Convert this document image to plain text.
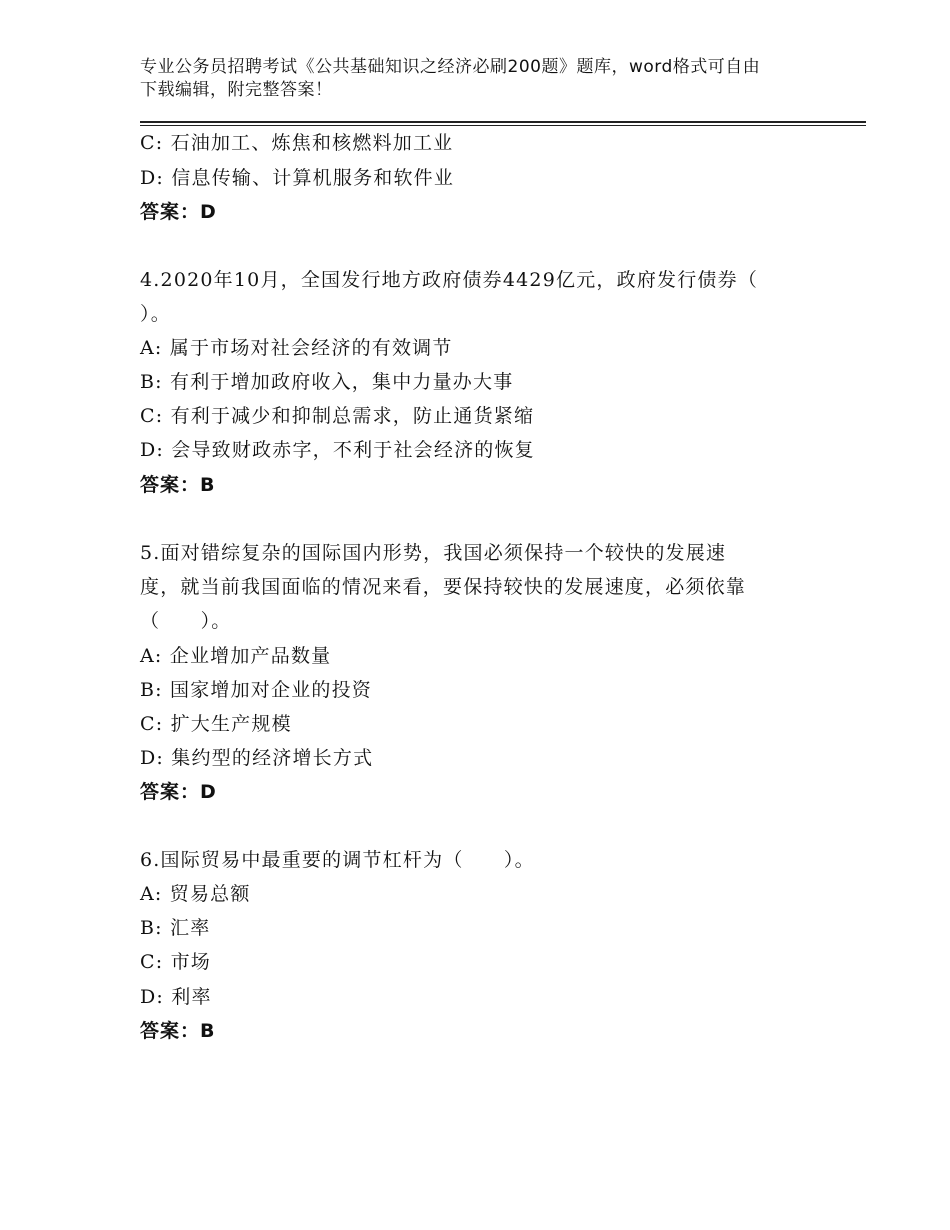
专业公务员招聘考试《公共基础知识之经济必刷200题》题库，word格式可自由
下载编辑，附完整答案！
C: 石油加工、炼焦和核燃料加工业
D: 信息传输、计算机服务和软件业
答案：D
4.2020年10月，全国发行地方政府债券4429亿元，政府发行债券（
）。
A: 属于市场对社会经济的有效调节
B: 有利于增加政府收入，集中力量办大事
C: 有利于减少和抑制总需求，防止通货紧缩
D: 会导致财政赤字，不利于社会经济的恢复
答案：B
5.面对错综复杂的国际国内形势，我国必须保持一个较快的发展速
度，就当前我国面临的情况来看，要保持较快的发展速度，必须依靠
（　　）。
A: 企业增加产品数量
B: 国家增加对企业的投资
C: 扩大生产规模
D: 集约型的经济增长方式
答案：D
6.国际贸易中最重要的调节杠杆为（　　）。
A: 贸易总额
B: 汇率
C: 市场
D: 利率
答案：B
